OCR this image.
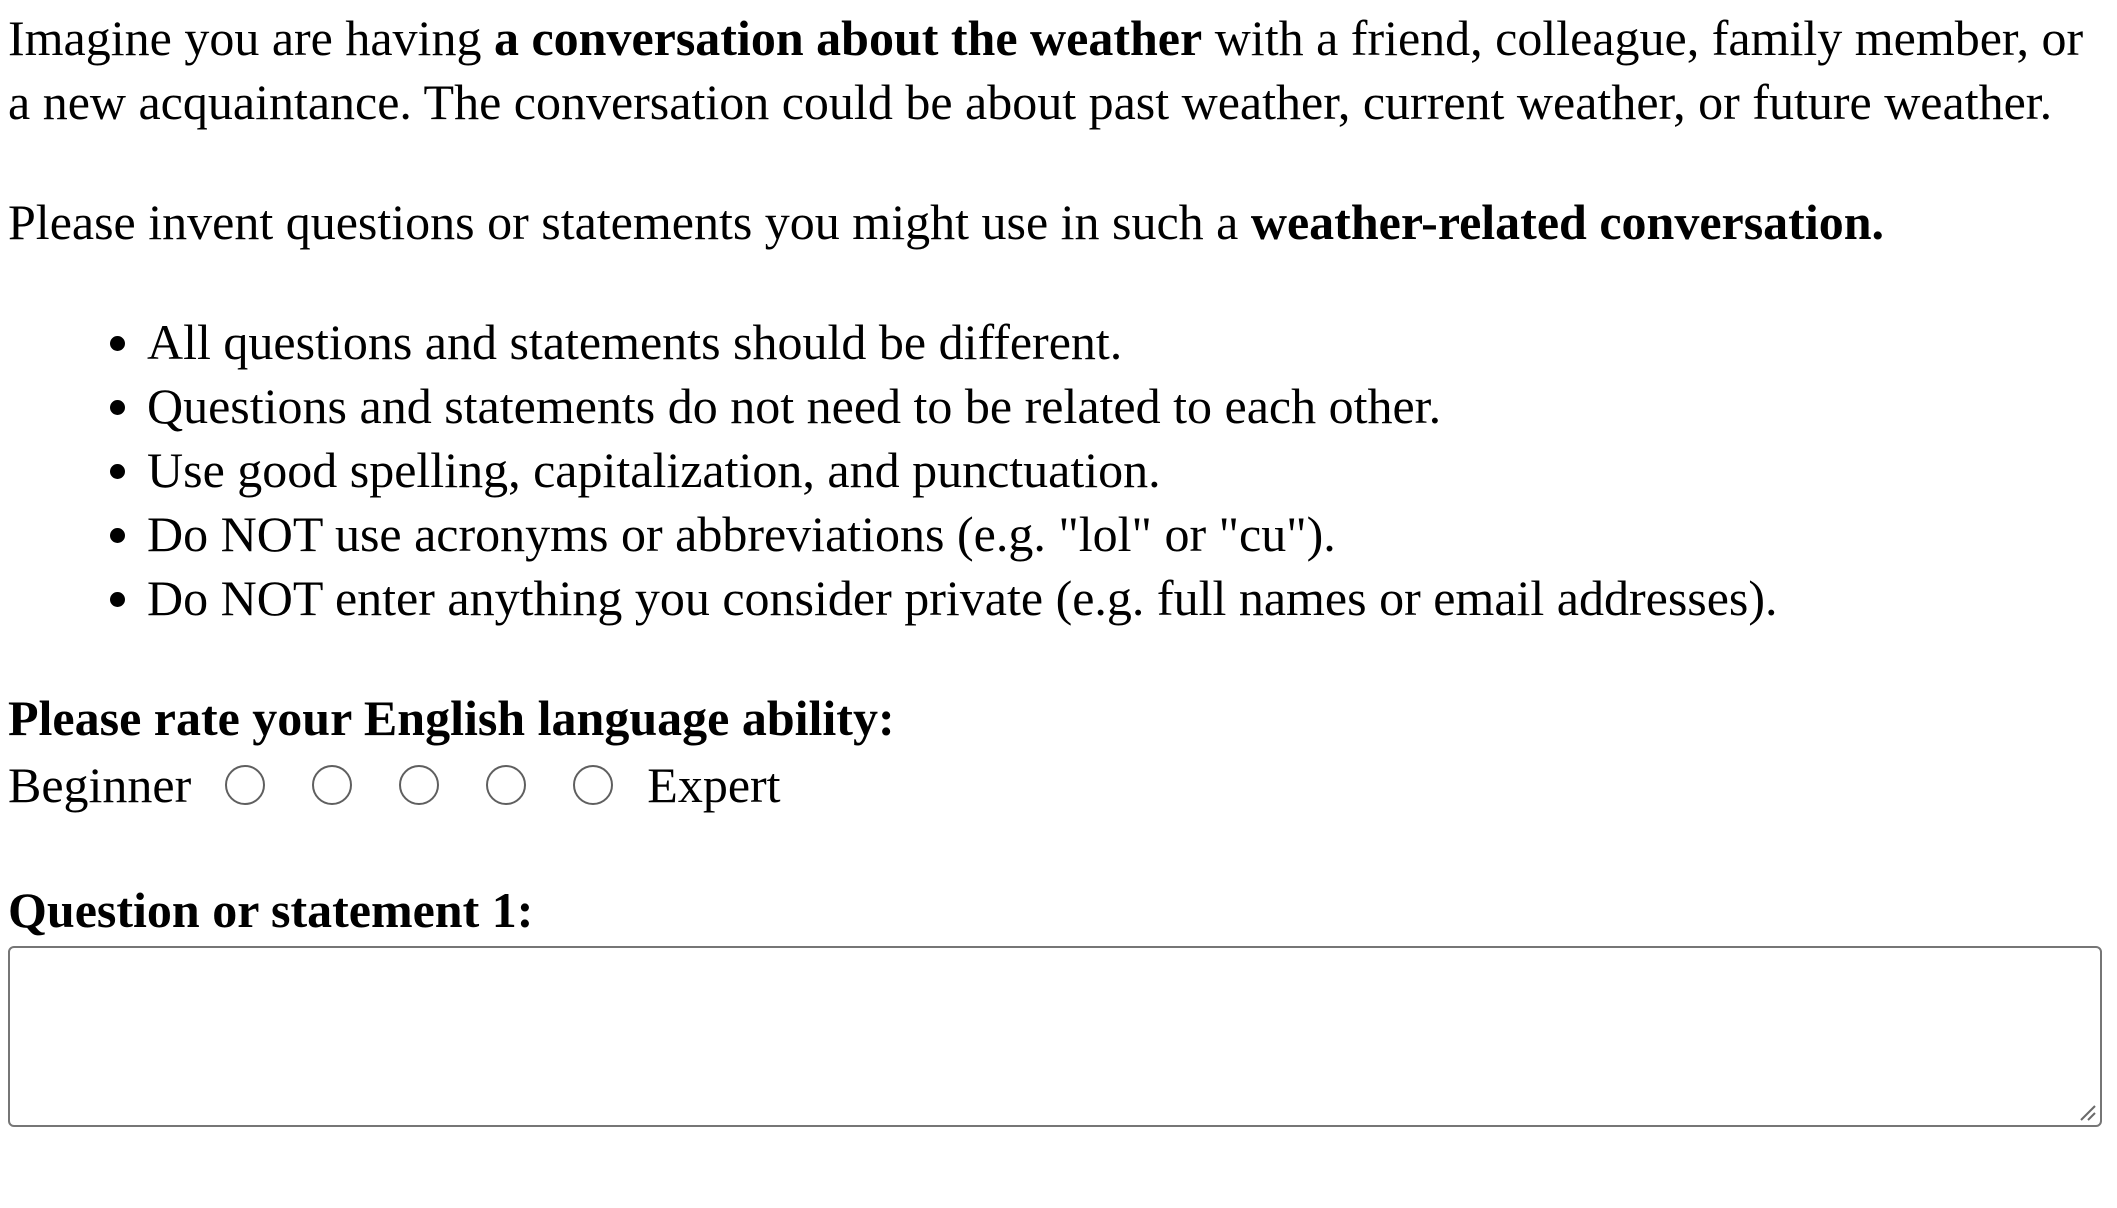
Imagine you are having a conversation about the weather with a friend, colleague, family member, or a new acquaintance. The conversation could be about past weather, current weather, or future weather.

Please invent questions or statements you might use in such a weather-related conversation.

• All questions and statements should be different.
• Questions and statements do not need to be related to each other.
• Use good spelling, capitalization, and punctuation.
• Do NOT use acronyms or abbreviations (e.g. "lol" or "cu").
• Do NOT enter anything you consider private (e.g. full names or email addresses).

Please rate your English language ability:

Beginner	Expert

Question or statement 1:
